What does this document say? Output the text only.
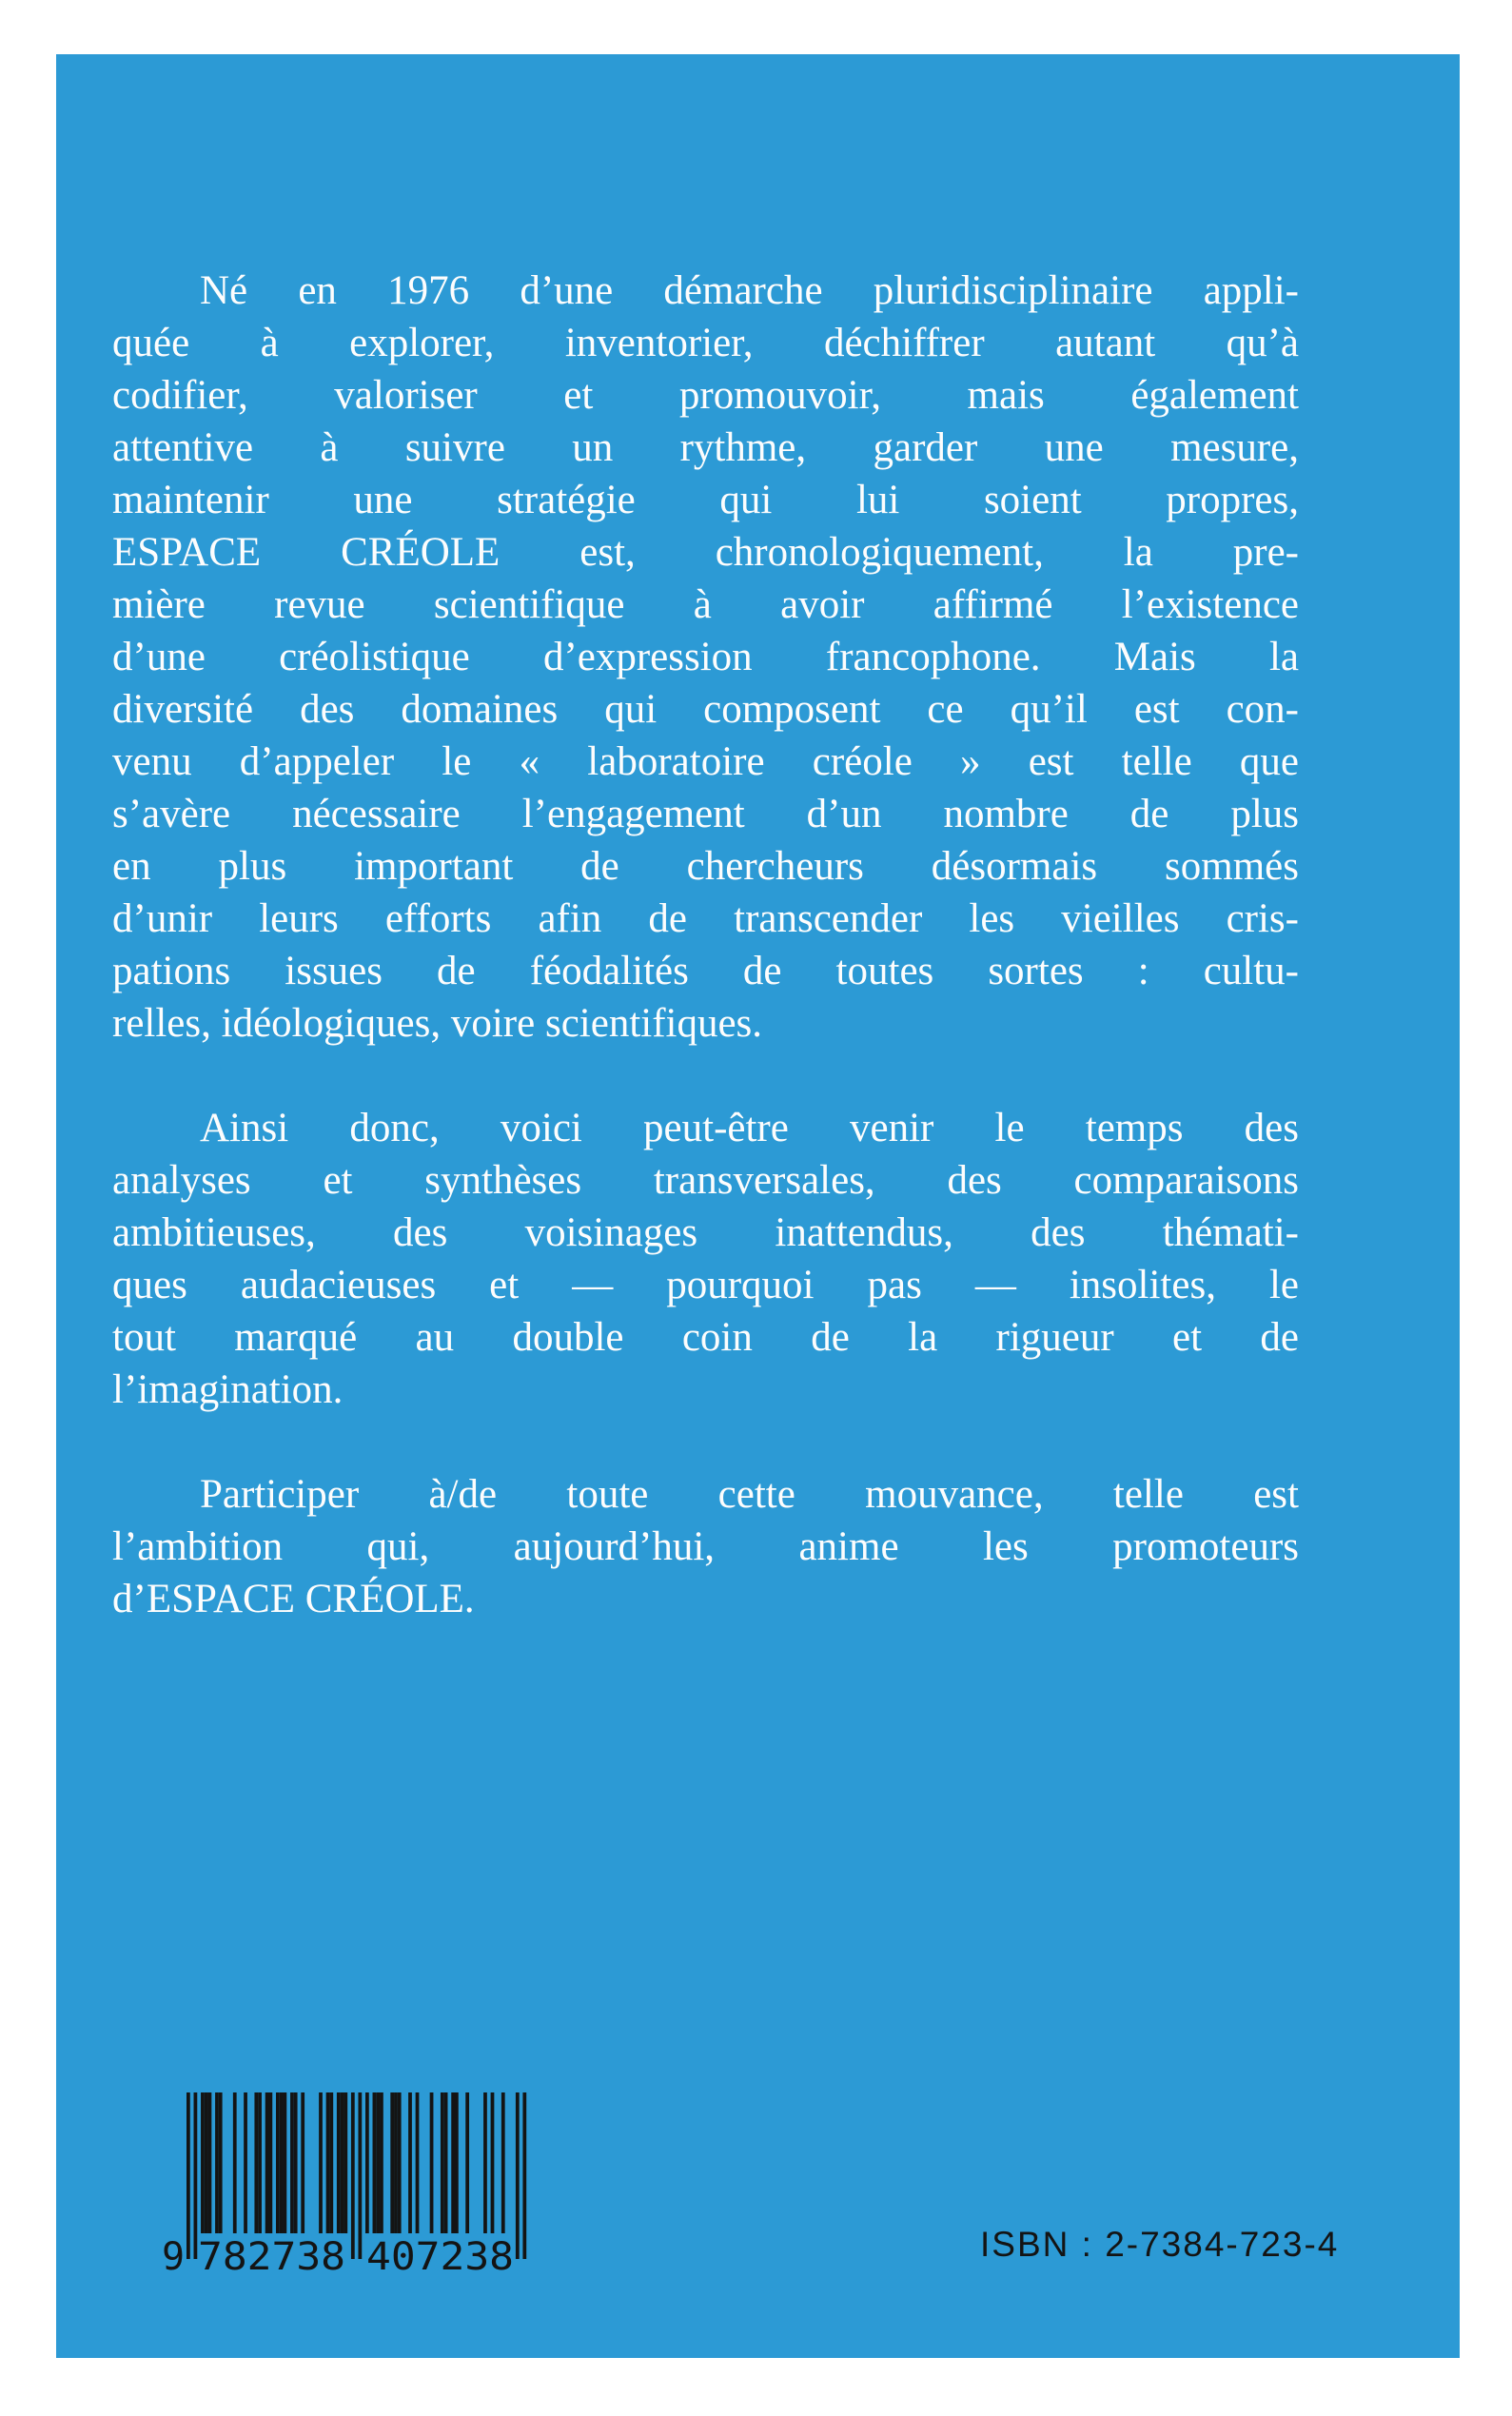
Né en 1976 d’une démarche pluridisciplinaire appli-
quée à explorer, inventorier, déchiffrer autant qu’à
codifier, valoriser et promouvoir, mais également
attentive à suivre un rythme, garder une mesure,
maintenir une stratégie qui lui soient propres,
ESPACE CRÉOLE est, chronologiquement, la pre-
mière revue scientifique à avoir affirmé l’existence
d’une créolistique d’expression francophone. Mais la
diversité des domaines qui composent ce qu’il est con-
venu d’appeler le « laboratoire créole » est telle que
s’avère nécessaire l’engagement d’un nombre de plus
en plus important de chercheurs désormais sommés
d’unir leurs efforts afin de transcender les vieilles cris-
pations issues de féodalités de toutes sortes : cultu-
relles, idéologiques, voire scientifiques.
Ainsi donc, voici peut-être venir le temps des
analyses et synthèses transversales, des comparaisons
ambitieuses, des voisinages inattendus, des thémati-
ques audacieuses et — pourquoi pas — insolites, le
tout marqué au double coin de la rigueur et de
l’imagination.
Participer à/de toute cette mouvance, telle est
l’ambition qui, aujourd’hui, anime les promoteurs
d’ESPACE CRÉOLE.
9 782738 407238	ISBN : 2-7384-723-4
